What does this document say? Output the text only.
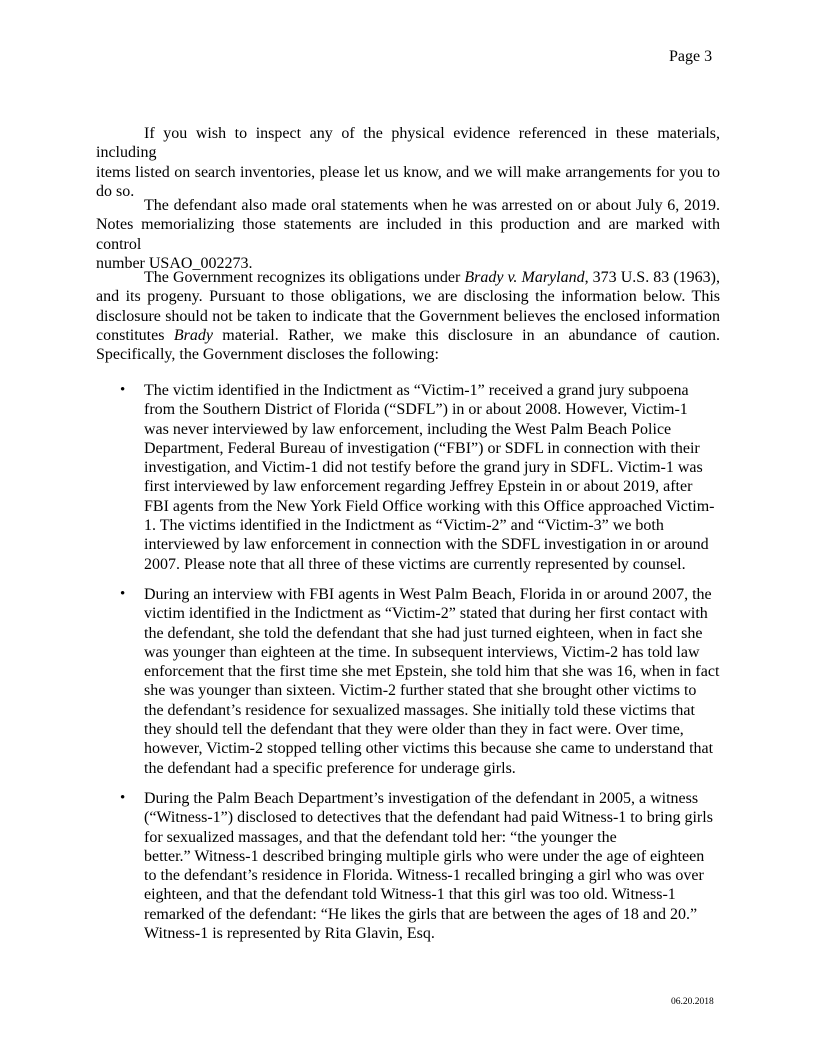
Page 3
If you wish to inspect any of the physical evidence referenced in these materials, including
items listed on search inventories, please let us know, and we will make arrangements for you to
do so.
The defendant also made oral statements when he was arrested on or about July 6, 2019.
Notes memorializing those statements are included in this production and are marked with control
number USAO_002273.
The Government recognizes its obligations under Brady v. Maryland, 373 U.S. 83 (1963),
and its progeny. Pursuant to those obligations, we are disclosing the information below. This
disclosure should not be taken to indicate that the Government believes the enclosed information
constitutes Brady material. Rather, we make this disclosure in an abundance of caution.
Specifically, the Government discloses the following:
• The victim identified in the Indictment as “Victim-1” received a grand jury subpoena
from the Southern District of Florida (“SDFL”) in or about 2008. However, Victim-1
was never interviewed by law enforcement, including the West Palm Beach Police
Department, Federal Bureau of investigation (“FBI”) or SDFL in connection with their
investigation, and Victim-1 did not testify before the grand jury in SDFL. Victim-1 was
first interviewed by law enforcement regarding Jeffrey Epstein in or about 2019, after
FBI agents from the New York Field Office working with this Office approached Victim-
1. The victims identified in the Indictment as “Victim-2” and “Victim-3” we both
interviewed by law enforcement in connection with the SDFL investigation in or around
2007. Please note that all three of these victims are currently represented by counsel.
• During an interview with FBI agents in West Palm Beach, Florida in or around 2007, the
victim identified in the Indictment as “Victim-2” stated that during her first contact with
the defendant, she told the defendant that she had just turned eighteen, when in fact she
was younger than eighteen at the time. In subsequent interviews, Victim-2 has told law
enforcement that the first time she met Epstein, she told him that she was 16, when in fact
she was younger than sixteen. Victim-2 further stated that she brought other victims to
the defendant’s residence for sexualized massages. She initially told these victims that
they should tell the defendant that they were older than they in fact were. Over time,
however, Victim-2 stopped telling other victims this because she came to understand that
the defendant had a specific preference for underage girls.
• During the Palm Beach Department’s investigation of the defendant in 2005, a witness
(“Witness-1”) disclosed to detectives that the defendant had paid Witness-1 to bring girls
for sexualized massages, and that the defendant told her: “the younger the
better.” Witness-1 described bringing multiple girls who were under the age of eighteen
to the defendant’s residence in Florida. Witness-1 recalled bringing a girl who was over
eighteen, and that the defendant told Witness-1 that this girl was too old. Witness-1
remarked of the defendant: “He likes the girls that are between the ages of 18 and 20.”
Witness-1 is represented by Rita Glavin, Esq.
06.20.2018
